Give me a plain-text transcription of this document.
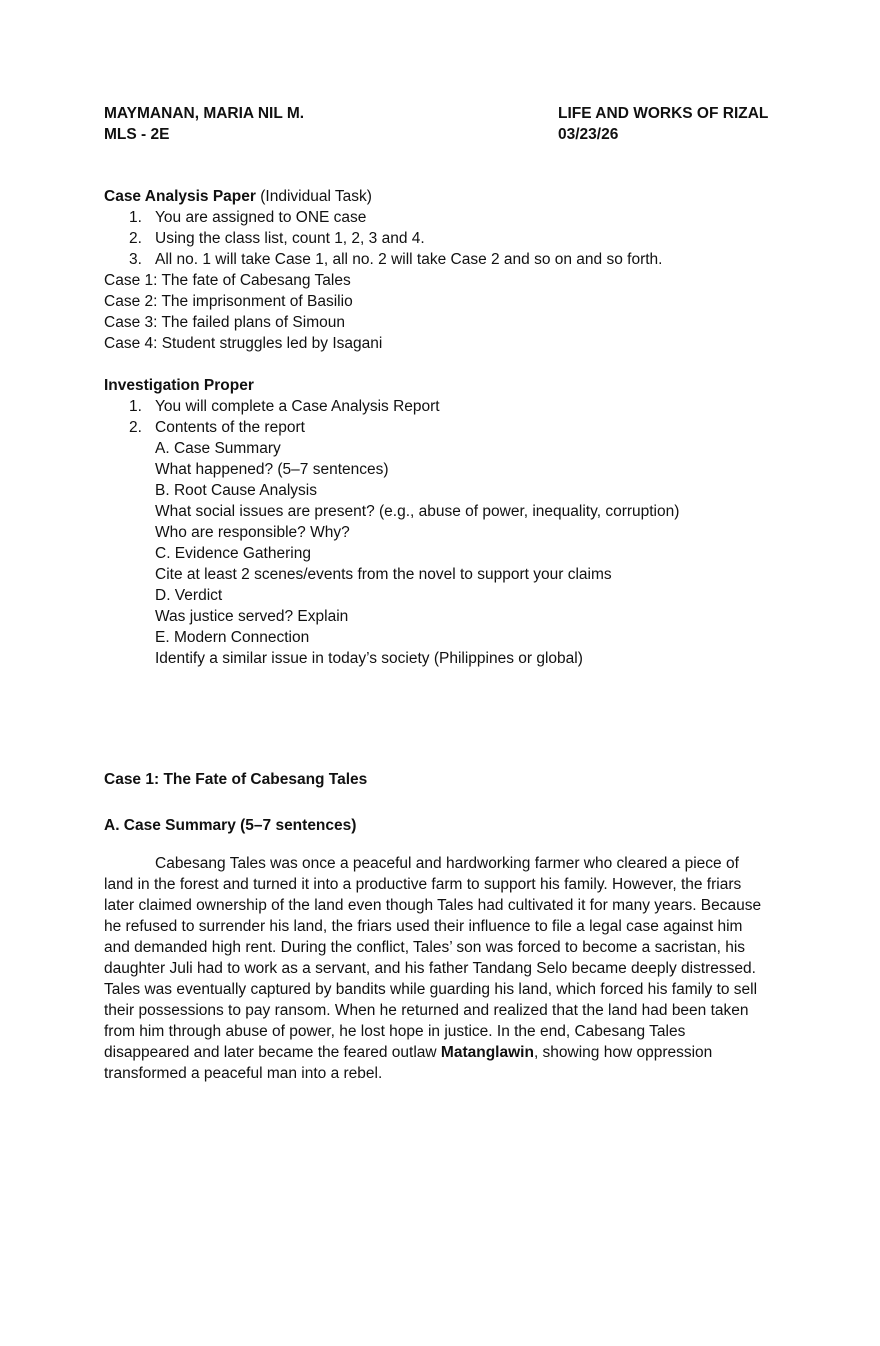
MAYMANAN, MARIA NIL M.
MLS - 2E
LIFE AND WORKS OF RIZAL
03/23/26
Case Analysis Paper (Individual Task)
1. You are assigned to ONE case
2. Using the class list, count 1, 2, 3 and 4.
3. All no. 1 will take Case 1, all no. 2 will take Case 2 and so on and so forth.
Case 1: The fate of Cabesang Tales
Case 2: The imprisonment of Basilio
Case 3: The failed plans of Simoun
Case 4: Student struggles led by Isagani
Investigation Proper
1. You will complete a Case Analysis Report
2. Contents of the report
A. Case Summary
What happened? (5–7 sentences)
B. Root Cause Analysis
What social issues are present? (e.g., abuse of power, inequality, corruption)
Who are responsible? Why?
C. Evidence Gathering
Cite at least 2 scenes/events from the novel to support your claims
D. Verdict
Was justice served? Explain
E. Modern Connection
Identify a similar issue in today’s society (Philippines or global)
Case 1: The Fate of Cabesang Tales
A. Case Summary (5–7 sentences)
Cabesang Tales was once a peaceful and hardworking farmer who cleared a piece of
land in the forest and turned it into a productive farm to support his family. However, the friars
later claimed ownership of the land even though Tales had cultivated it for many years. Because
he refused to surrender his land, the friars used their influence to file a legal case against him
and demanded high rent. During the conflict, Tales’ son was forced to become a sacristan, his
daughter Juli had to work as a servant, and his father Tandang Selo became deeply distressed.
Tales was eventually captured by bandits while guarding his land, which forced his family to sell
their possessions to pay ransom. When he returned and realized that the land had been taken
from him through abuse of power, he lost hope in justice. In the end, Cabesang Tales
disappeared and later became the feared outlaw Matanglawin, showing how oppression
transformed a peaceful man into a rebel.
